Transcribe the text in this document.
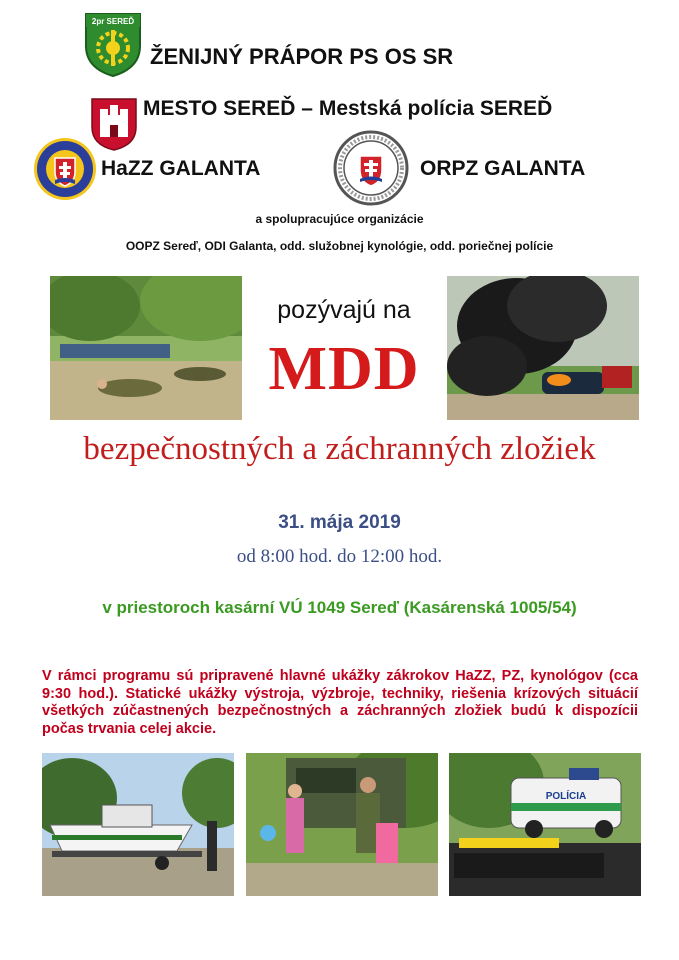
2pr SEREĎ
ŽENIJNÝ PRÁPOR PS OS SR
MESTO SEREĎ – Mestská polícia SEREĎ
HaZZ GALANTA	ORPZ GALANTA
a spolupracujúce organizácie
OOPZ Sereď, ODI Galanta, odd. služobnej kynológie, odd. poriečnej polície
pozývajú na
MDD
bezpečnostných a záchranných zložiek
31. mája 2019
od 8:00 hod. do 12:00 hod.
v priestoroch kasární VÚ 1049 Sereď (Kasárenská 1005/54)
V rámci programu sú pripravené hlavné ukážky zákrokov HaZZ, PZ, kynológov (cca 9:30 hod.). Statické ukážky výstroja, výzbroje, techniky, riešenia krízových situácií všetkých zúčastnených bezpečnostných a záchranných zložiek budú k dispozícii počas trvania celej akcie.
POLÍCIA
